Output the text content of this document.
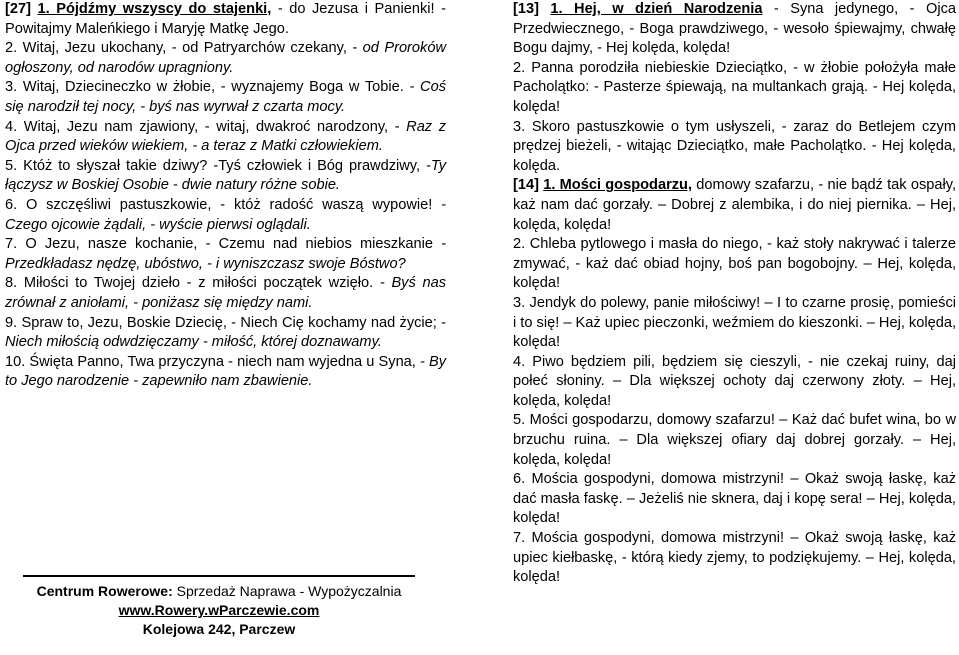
[27] 1. Pójdźmy wszyscy do stajenki, - do Jezusa i Panienki! - Powitajmy Maleńkiego i Maryję Matkę Jego.

2. Witaj, Jezu ukochany, - od Patryarchów czekany, - od Proroków ogłoszony, od narodów upragniony.

3. Witaj, Dziecineczko w żłobie, - wyznajemy Boga w Tobie. - Coś się narodził tej nocy, - byś nas wyrwał z czarta mocy.

4. Witaj, Jezu nam zjawiony, - witaj, dwakroć narodzony, - Raz z Ojca przed wieków wiekiem, - a teraz z Matki człowiekiem.

5. Któż to słyszał takie dziwy? -Tyś człowiek i Bóg prawdziwy, -Ty łączysz w Boskiej Osobie - dwie natury różne sobie.

6. O szczęśliwi pastuszkowie, - któż radość waszą wypowie! - Czego ojcowie żądali, - wyście pierwsi oglądali.

7. O Jezu, nasze kochanie, - Czemu nad niebios mieszkanie - Przedkładasz nędzę, ubóstwo, - i wyniszczasz swoje Bóstwo?

8. Miłości to Twojej dzieło - z miłości początek wzięło. - Byś nas zrównał z aniołami, - poniżasz się między nami.

9. Spraw to, Jezu, Boskie Dziecię, - Niech Cię kochamy nad życie; - Niech miłością odwdzięczamy - miłość, której doznawamy.

10. Święta Panno, Twa przyczyna - niech nam wyjedna u Syna, - By to Jego narodzenie - zapewniło nam zbawienie.

Centrum Rowerowe: Sprzedaż Naprawa - Wypożyczalnia
www.Rowery.wParczewie.com
Kolejowa 242, Parczew

[13] 1. Hej, w dzień Narodzenia - Syna jedynego, - Ojca Przedwiecznego, - Boga prawdziwego, - wesoło śpiewajmy, chwałę Bogu dajmy, - Hej kolęda, kolęda!

2. Panna porodziła niebieskie Dzieciątko, - w żłobie położyła małe Pacholątko: - Pasterze śpiewają, na multankach grają. - Hej kolęda, kolęda!

3. Skoro pastuszkowie o tym usłyszeli, - zaraz do Betlejem czym prędzej bieżeli, - witając Dzieciątko, małe Pacholątko. - Hej kolęda, kolęda.

[14] 1. Mości gospodarzu, domowy szafarzu, - nie bądź tak ospały, każ nam dać gorzały. – Dobrej z alembika, i do niej piernika. – Hej, kolęda, kolęda!

2. Chleba pytlowego i masła do niego, - każ stoły nakrywać i talerze zmywać, - każ dać obiad hojny, boś pan bogobojny. – Hej, kolęda, kolęda!

3. Jendyk do polewy, panie miłościwy! – I to czarne prosię, pomieści i to się! – Każ upiec pieczonki, weźmiem do kieszonki. – Hej, kolęda, kolęda!

4. Piwo będziem pili, będziem się cieszyli, - nie czekaj ruiny, daj połeć słoniny. – Dla większej ochoty daj czerwony złoty. – Hej, kolęda, kolęda!

5. Mości gospodarzu, domowy szafarzu! – Każ dać bufet wina, bo w brzuchu ruina. – Dla większej ofiary daj dobrej gorzały. – Hej, kolęda, kolęda!

6. Mościa gospodyni, domowa mistrzyni! – Okaż swoją łaskę, każ dać masła faskę. – Jeżeliś nie sknera, daj i kopę sera! – Hej, kolęda, kolęda!

7. Mościa gospodyni, domowa mistrzyni! – Okaż swoją łaskę, każ upiec kiełbaskę, - którą kiedy zjemy, to podziękujemy. – Hej, kolęda, kolęda!
